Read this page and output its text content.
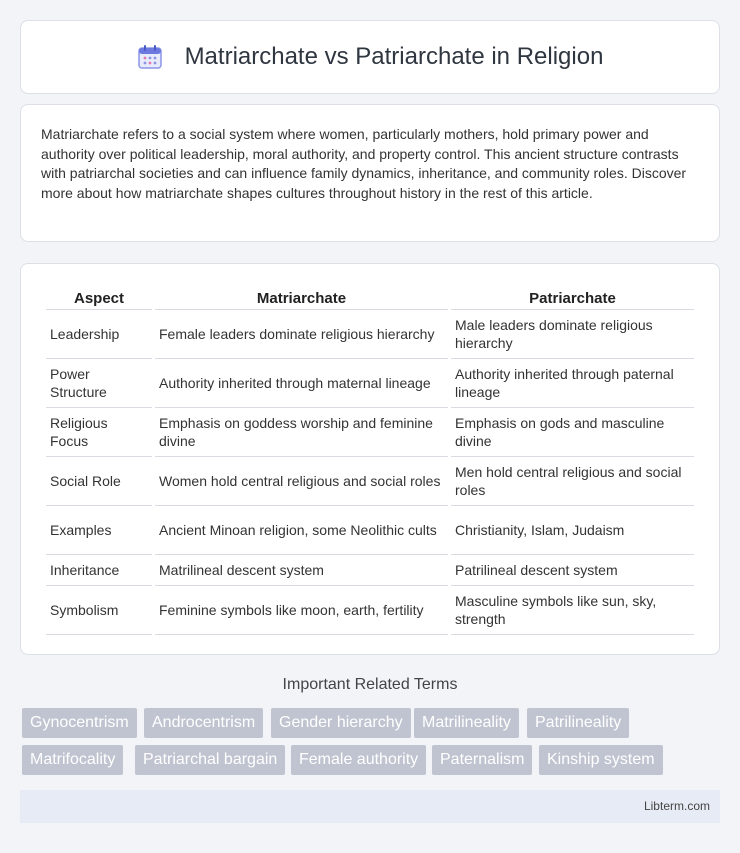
Matriarchate vs Patriarchate in Religion

Matriarchate refers to a social system where women, particularly mothers, hold primary power and authority over political leadership, moral authority, and property control. This ancient structure contrasts with patriarchal societies and can influence family dynamics, inheritance, and community roles. Discover more about how matriarchate shapes cultures throughout history in the rest of this article.

Aspect	Matriarchate	Patriarchate
Leadership	Female leaders dominate religious hierarchy	Male leaders dominate religious hierarchy
Power Structure	Authority inherited through maternal lineage	Authority inherited through paternal lineage
Religious Focus	Emphasis on goddess worship and feminine divine	Emphasis on gods and masculine divine
Social Role	Women hold central religious and social roles	Men hold central religious and social roles
Examples	Ancient Minoan religion, some Neolithic cults	Christianity, Islam, Judaism
Inheritance	Matrilineal descent system	Patrilineal descent system
Symbolism	Feminine symbols like moon, earth, fertility	Masculine symbols like sun, sky, strength
Important Related Terms
Gynocentrism	Androcentrism	Gender hierarchy	Matrilineality	Patrilineality
Matrifocality	Patriarchal bargain	Female authority	Paternalism	Kinship system
Libterm.com
